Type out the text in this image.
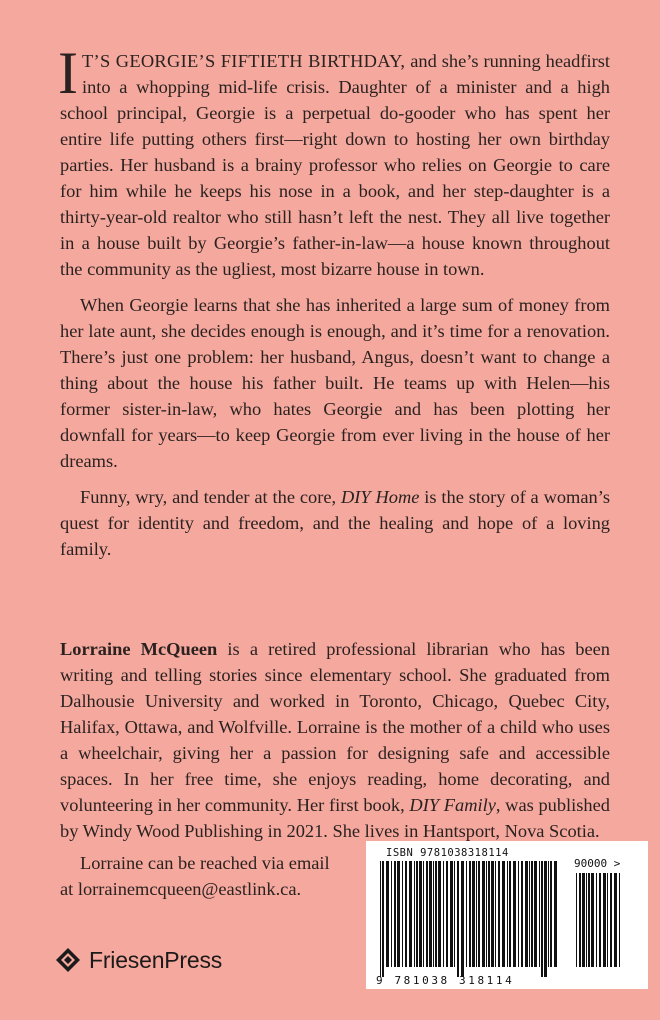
I T’S GEORGIE’S FIFTIETH BIRTHDAY, and she’s running headfirst into a whopping mid-life crisis. Daughter of a minister and a high school principal, Georgie is a perpetual do-gooder who has spent her entire life putting others first—right down to hosting her own birthday parties. Her husband is a brainy professor who relies on Georgie to care for him while he keeps his nose in a book, and her step-daughter is a thirty-year-old realtor who still hasn’t left the nest. They all live together in a house built by Georgie’s father-in-law—a house known throughout the community as the ugliest, most bizarre house in town.

When Georgie learns that she has inherited a large sum of money from her late aunt, she decides enough is enough, and it’s time for a renovation. There’s just one problem: her husband, Angus, doesn’t want to change a thing about the house his father built. He teams up with Helen—his former sister-in-law, who hates Georgie and has been plotting her downfall for years—to keep Georgie from ever living in the house of her dreams.

Funny, wry, and tender at the core, DIY Home is the story of a woman’s quest for identity and freedom, and the healing and hope of a loving family.

Lorraine McQueen is a retired professional librarian who has been writing and telling stories since elementary school. She graduated from Dalhousie University and worked in Toronto, Chicago, Quebec City, Halifax, Ottawa, and Wolfville. Lorraine is the mother of a child who uses a wheelchair, giving her a passion for designing safe and accessible spaces. In her free time, she enjoys reading, home decorating, and volunteering in her community. Her first book, DIY Family, was published by Windy Wood Publishing in 2021. She lives in Hantsport, Nova Scotia.

Lorraine can be reached via email
at lorrainemcqueen@eastlink.ca.
FriesenPress
ISBN 9781038318114
90000 >
9 781038 318114
